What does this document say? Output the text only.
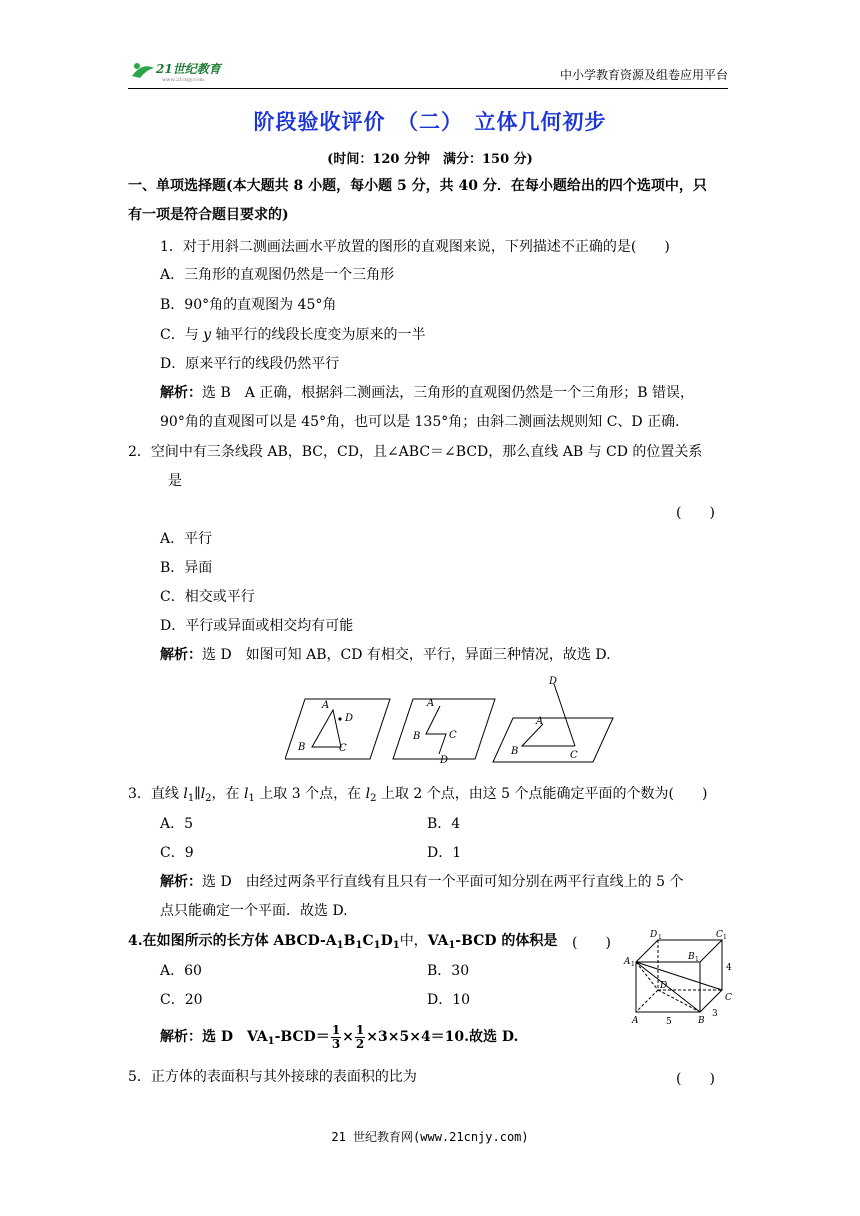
21世纪教育
www.21cnjy.com	中小学教育资源及组卷应用平台
阶段验收评价　（二）　立体几何初步
(时间：120 分钟　满分：150 分)
一、单项选择题(本大题共 8 小题，每小题 5 分，共 40 分．在每小题给出的四个选项中，只
有一项是符合题目要求的)
1．对于用斜二测画法画水平放置的图形的直观图来说，下列描述不正确的是(　　)
A．三角形的直观图仍然是一个三角形
B．90°角的直观图为 45°角
C．与 y 轴平行的线段长度变为原来的一半
D．原来平行的线段仍然平行
解析：选 B　A 正确，根据斜二测画法，三角形的直观图仍然是一个三角形；B 错误，
90°角的直观图可以是 45°角，也可以是 135°角；由斜二测画法规则知 C、D 正确．
2．空间中有三条线段 AB，BC，CD，且∠ABC＝∠BCD，那么直线 AB 与 CD 的位置关系
是
(　　)
A．平行
B．异面
C．相交或平行
D．平行或异面或相交均有可能
解析：选 D　如图可知 AB，CD 有相交，平行，异面三种情况，故选 D.
A
B	C
D
A
B	C
D
A
B	C
D
3．直线 $l_1\parallel l_2$，在 $l_1$ 上取 3 个点，在 $l_2$ 上取 2 个点，由这 5 个点能确定平面的个数为(　　)
A．5	B．4
C．9	D．1
解析：选 D　由经过两条平行直线有且只有一个平面可知分别在两平行直线上的 5 个
点只能确定一个平面．故选 D.
4.在如图所示的长方体 ABCD-$A_1B_1C_1D_1$中，$VA_1$-BCD 的体积是 (　　)
A．60	B．30
C．20	D．10
解析：选 D　$VA_1-BCD= \frac{1}{3} \times \frac{1}{2} \times 3\times 5\times 4=10$.故选 D.
D 1	C 1
A 1
B 1
D
C
A	B
4
5
3
5．正方体的表面积与其外接球的表面积的比为	(　　)
21 世纪教育网(www.21cnjy.com)
